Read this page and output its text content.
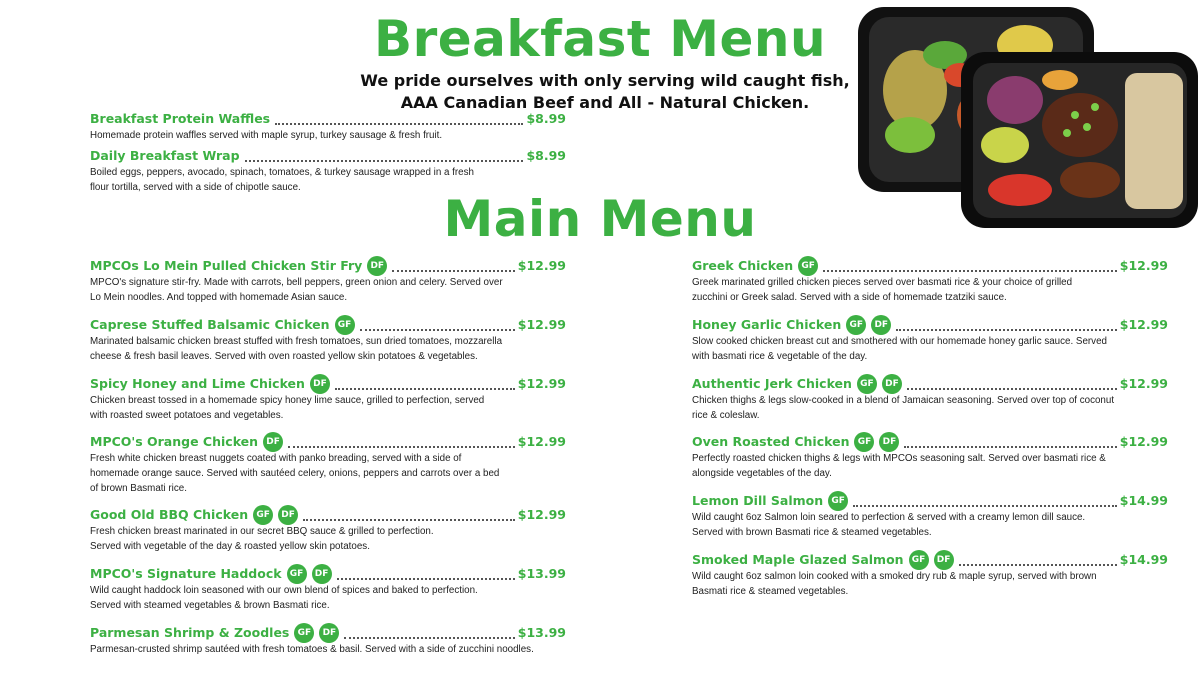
Breakfast Menu
We pride ourselves with only serving wild caught fish,
AAA Canadian Beef and All - Natural Chicken.
Breakfast Protein Waffles	$8.99
Homemade protein waffles served with maple syrup, turkey sausage & fresh fruit.
Daily Breakfast Wrap	$8.99
Boiled eggs, peppers, avocado, spinach, tomatoes, & turkey sausage wrapped in a fresh
flour tortilla, served with a side of chipotle sauce.
Main Menu
MPCOs Lo Mein Pulled Chicken Stir Fry DF	$12.99
MPCO's signature stir-fry. Made with carrots, bell peppers, green onion and celery. Served over
Lo Mein noodles. And topped with homemade Asian sauce.
Caprese Stuffed Balsamic Chicken GF	$12.99
Marinated balsamic chicken breast stuffed with fresh tomatoes, sun dried tomatoes, mozzarella
cheese & fresh basil leaves. Served with oven roasted yellow skin potatoes & vegetables.
Spicy Honey and Lime Chicken DF	$12.99
Chicken breast tossed in a homemade spicy honey lime sauce, grilled to perfection, served
with roasted sweet potatoes and vegetables.
MPCO's Orange Chicken DF	$12.99
Fresh white chicken breast nuggets coated with panko breading, served with a side of
homemade orange sauce. Served with sautéed celery, onions, peppers and carrots over a bed
of brown Basmati rice.
Good Old BBQ Chicken GF	DF	$12.99
Fresh chicken breast marinated in our secret BBQ sauce & grilled to perfection.
Served with vegetable of the day & roasted yellow skin potatoes.
MPCO's Signature Haddock GF	DF	$13.99
Wild caught haddock loin seasoned with our own blend of spices and baked to perfection.
Served with steamed vegetables & brown Basmati rice.
Parmesan Shrimp & Zoodles GF	DF	$13.99
Parmesan-crusted shrimp sautéed with fresh tomatoes & basil. Served with a side of zucchini noodles.
Greek Chicken GF	$12.99
Greek marinated grilled chicken pieces served over basmati rice & your choice of grilled
zucchini or Greek salad. Served with a side of homemade tzatziki sauce.
Honey Garlic Chicken GF	DF	$12.99
Slow cooked chicken breast cut and smothered with our homemade honey garlic sauce. Served
with basmati rice & vegetable of the day.
Authentic Jerk Chicken GF	DF	$12.99
Chicken thighs & legs slow-cooked in a blend of Jamaican seasoning. Served over top of coconut
rice & coleslaw.
Oven Roasted Chicken GF	DF	$12.99
Perfectly roasted chicken thighs & legs with MPCOs seasoning salt. Served over basmati rice &
alongside vegetables of the day.
Lemon Dill Salmon GF	$14.99
Wild caught 6oz Salmon loin seared to perfection & served with a creamy lemon dill sauce.
Served with brown Basmati rice & steamed vegetables.
Smoked Maple Glazed Salmon GF	DF	$14.99
Wild caught 6oz salmon loin cooked with a smoked dry rub & maple syrup, served with brown
Basmati rice & steamed vegetables.
